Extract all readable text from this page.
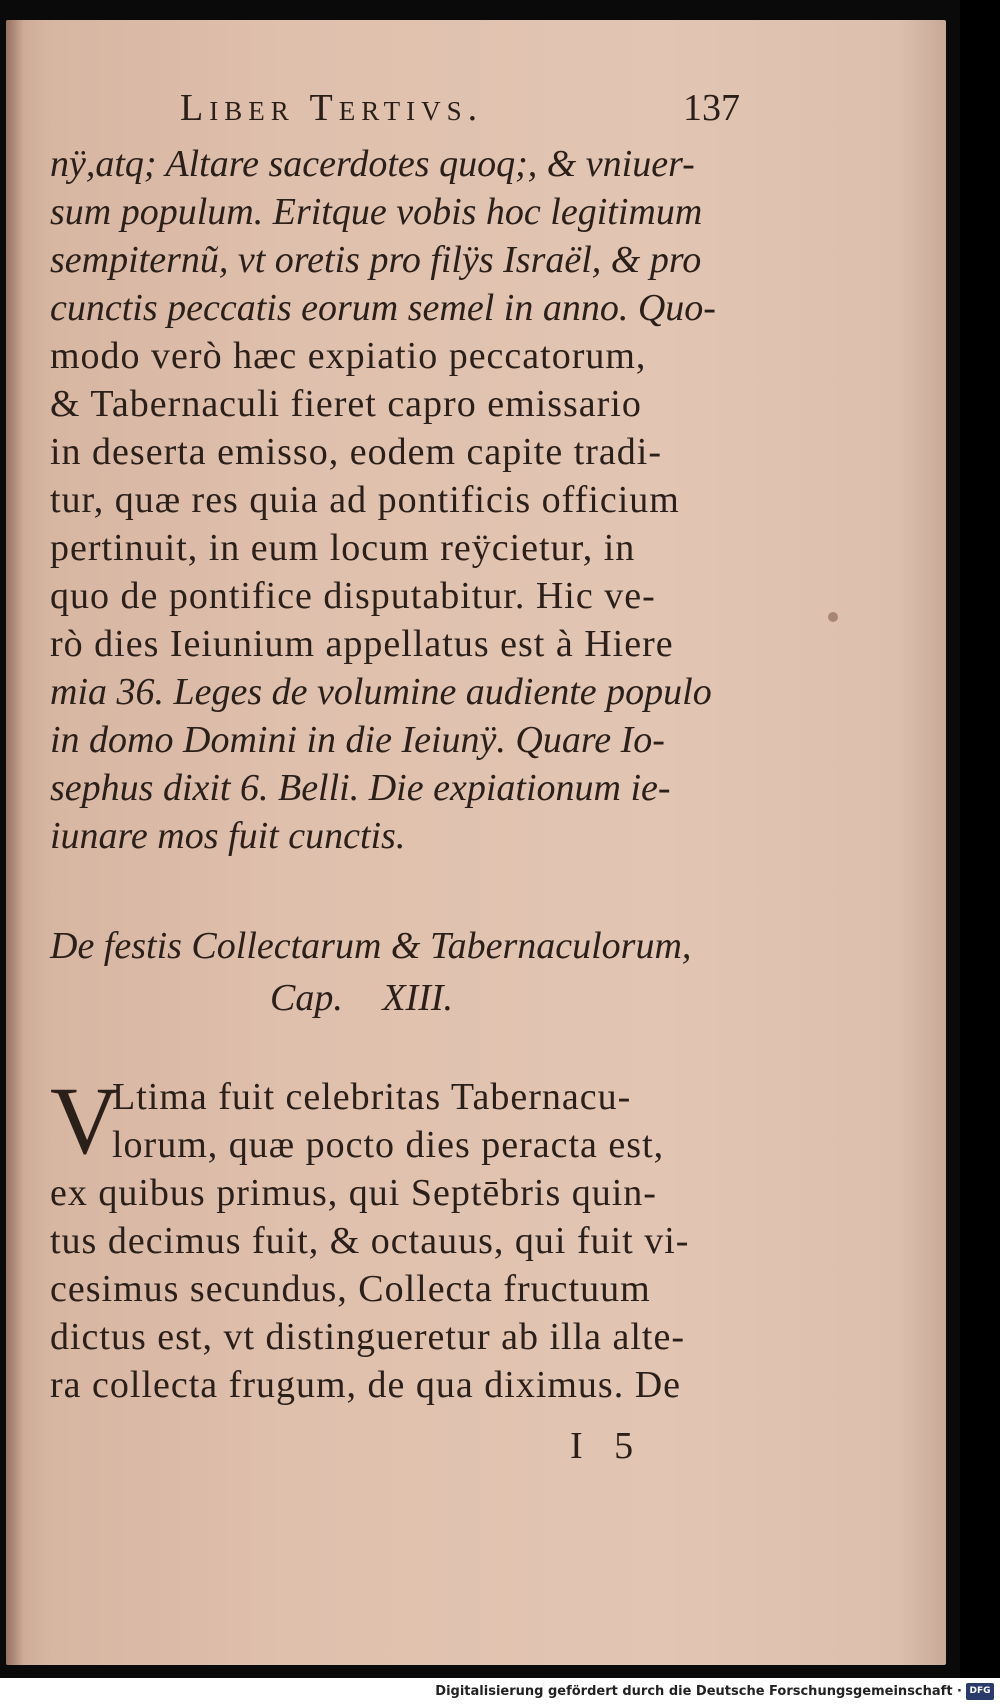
Liber Tertivs.	137
nÿ,atq; Altare sacerdotes quoq;, & vniuer-
sum populum. Eritque vobis hoc legitimum
sempiternũ, vt oretis pro filÿs Israël, & pro
cunctis peccatis eorum semel in anno. Quo-
modo verò hæc expiatio peccatorum,
& Tabernaculi fieret capro emissario
in deserta emisso, eodem capite tradi-
tur, quæ res quia ad pontificis officium
pertinuit, in eum locum reÿcietur, in
quo de pontifice disputabitur. Hic ve-
rò dies Ieiunium appellatus est à Hiere
mia 36. Leges de volumine audiente populo
in domo Domini in die Ieiunÿ. Quare Io-
sephus dixit 6. Belli. Die expiationum ie-
iunare mos fuit cunctis.
De festis Collectarum & Tabernaculorum,
Cap. XIII.
V
Ltima fuit celebritas Tabernacu-
lorum, quæ pocto dies peracta est,
ex quibus primus, qui Septēbris quin-
tus decimus fuit, & octauus, qui fuit vi-
cesimus secundus, Collecta fructuum
dictus est, vt distingueretur ab illa alte-
ra collecta frugum, de qua diximus. De
I 5
Digitalisierung gefördert durch die Deutsche Forschungsgemeinschaft · DFG
